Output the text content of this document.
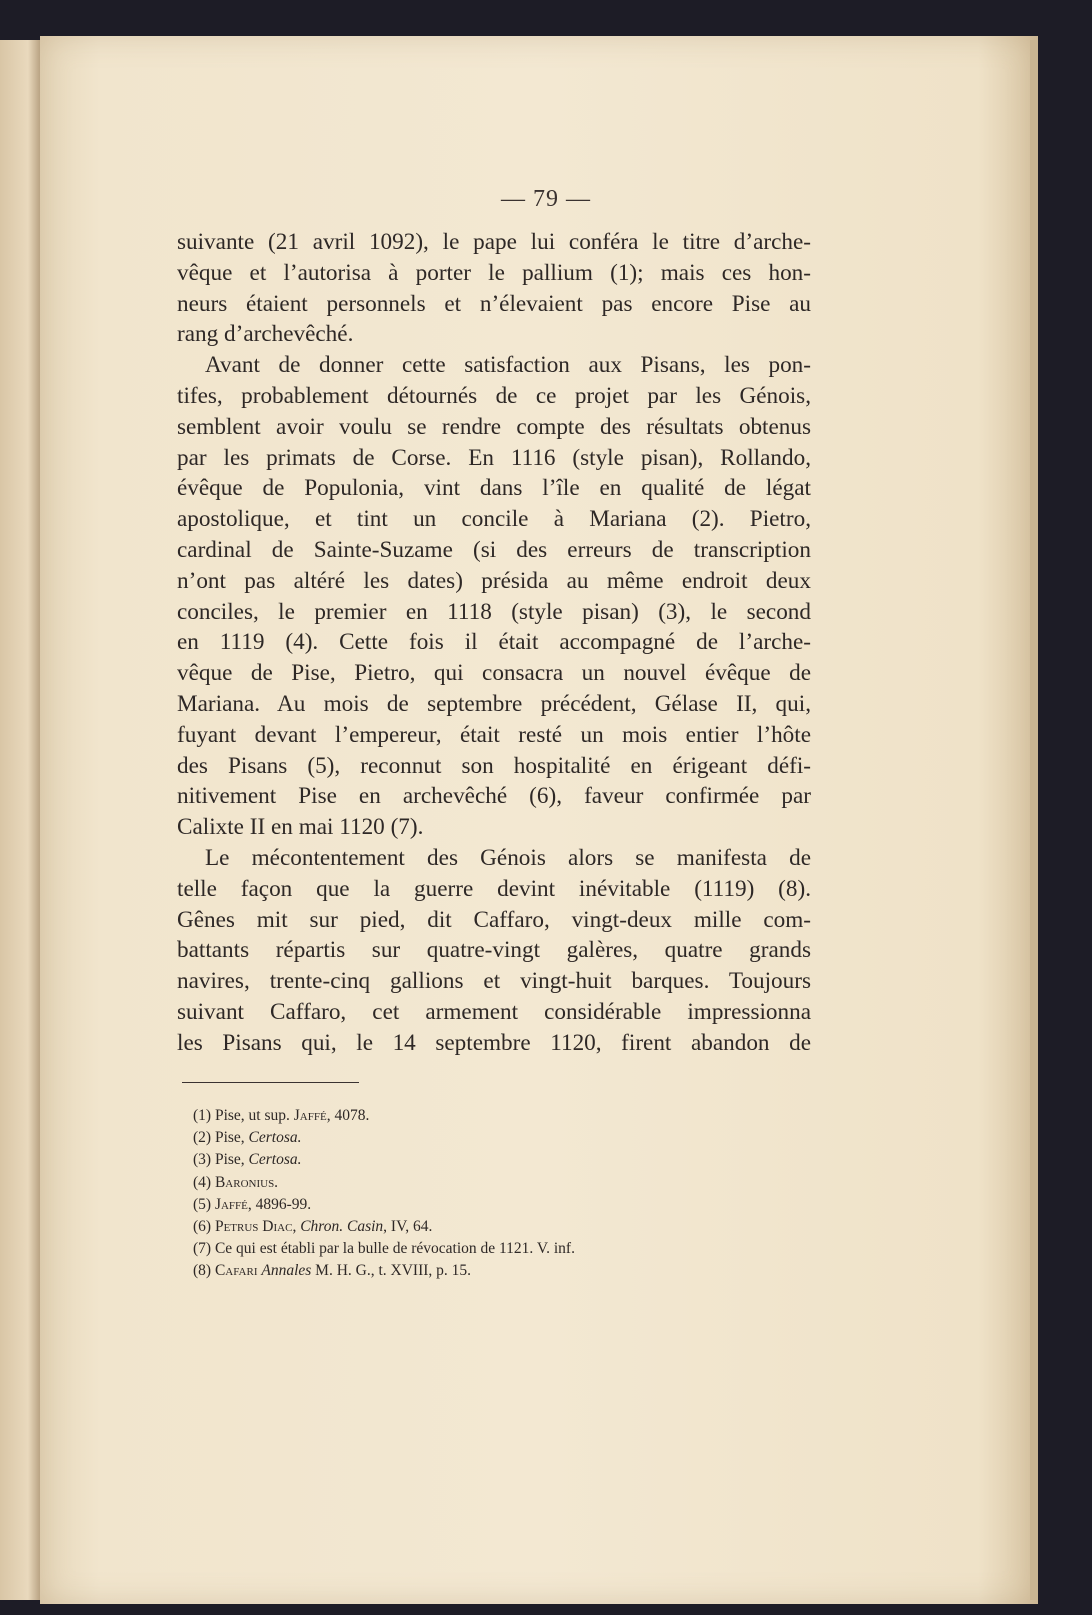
— 79 —
suivante (21 avril 1092), le pape lui conféra le titre d’arche-
vêque et l’autorisa à porter le pallium (1); mais ces hon-
neurs étaient personnels et n’élevaient pas encore Pise au
rang d’archevêché.
Avant de donner cette satisfaction aux Pisans, les pon-
tifes, probablement détournés de ce projet par les Génois,
semblent avoir voulu se rendre compte des résultats obtenus
par les primats de Corse. En 1116 (style pisan), Rollando,
évêque de Populonia, vint dans l’île en qualité de légat
apostolique, et tint un concile à Mariana (2). Pietro,
cardinal de Sainte-Suzame (si des erreurs de transcription
n’ont pas altéré les dates) présida au même endroit deux
conciles, le premier en 1118 (style pisan) (3), le second
en 1119 (4). Cette fois il était accompagné de l’arche-
vêque de Pise, Pietro, qui consacra un nouvel évêque de
Mariana. Au mois de septembre précédent, Gélase II, qui,
fuyant devant l’empereur, était resté un mois entier l’hôte
des Pisans (5), reconnut son hospitalité en érigeant défi-
nitivement Pise en archevêché (6), faveur confirmée par
Calixte II en mai 1120 (7).
Le mécontentement des Génois alors se manifesta de
telle façon que la guerre devint inévitable (1119) (8).
Gênes mit sur pied, dit Caffaro, vingt-deux mille com-
battants répartis sur quatre-vingt galères, quatre grands
navires, trente-cinq gallions et vingt-huit barques. Toujours
suivant Caffaro, cet armement considérable impressionna
les Pisans qui, le 14 septembre 1120, firent abandon de
(1) Pise, ut sup. Jaffé, 4078.
(2) Pise, Certosa.
(3) Pise, Certosa.
(4) Baronius.
(5) Jaffé, 4896-99.
(6) Petrus Diac, Chron. Casin, IV, 64.
(7) Ce qui est établi par la bulle de révocation de 1121. V. inf.
(8) Cafari Annales M. H. G., t. XVIII, p. 15.
